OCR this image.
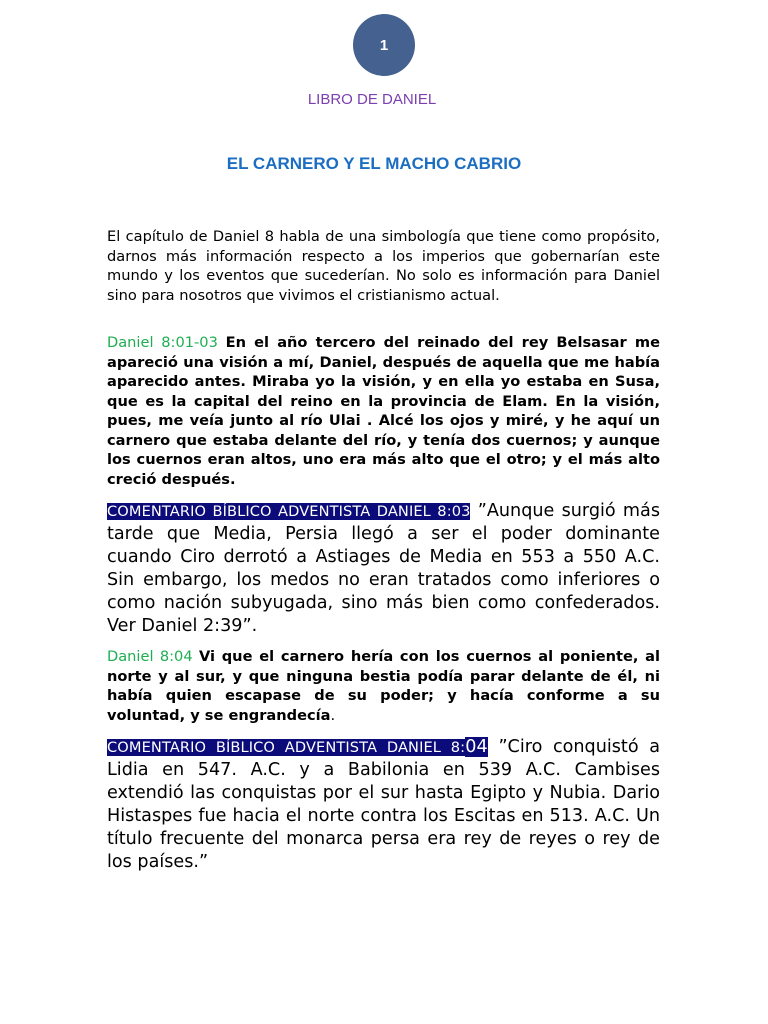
1
LIBRO DE DANIEL
EL CARNERO Y EL MACHO CABRIO

El capítulo de Daniel 8 habla de una simbología que tiene como propósito, darnos más información respecto a los imperios que gobernarían este mundo y los eventos que sucederían. No solo es información para Daniel sino para nosotros que vivimos el cristianismo actual.

Daniel 8:01-03 En el año tercero del reinado del rey Belsasar me apareció una visión a mí, Daniel, después de aquella que me había aparecido antes. Miraba yo la visión, y en ella yo estaba en Susa, que es la capital del reino en la provincia de Elam. En la visión, pues, me veía junto al río Ulai . Alcé los ojos y miré, y he aquí un carnero que estaba delante del río, y tenía dos cuernos; y aunque los cuernos eran altos, uno era más alto que el otro; y el más alto creció después.

COMENTARIO BÍBLICO ADVENTISTA DANIEL 8:03 ”Aunque surgió más tarde que Media, Persia llegó a ser el poder dominante cuando Ciro derrotó a Astiages de Media en 553 a 550 A.C. Sin embargo, los medos no eran tratados como inferiores o como nación subyugada, sino más bien como confederados. Ver Daniel 2:39”.

Daniel 8:04 Vi que el carnero hería con los cuernos al poniente, al norte y al sur, y que ninguna bestia podía parar delante de él, ni había quien escapase de su poder; y hacía conforme a su voluntad, y se engrandecía.

COMENTARIO BÍBLICO ADVENTISTA DANIEL 8:04 ”Ciro conquistó a Lidia en 547. A.C. y a Babilonia en 539 A.C. Cambises extendió las conquistas por el sur hasta Egipto y Nubia. Dario Histaspes fue hacia el norte contra los Escitas en 513. A.C. Un título frecuente del monarca persa era rey de reyes o rey de los países.”
